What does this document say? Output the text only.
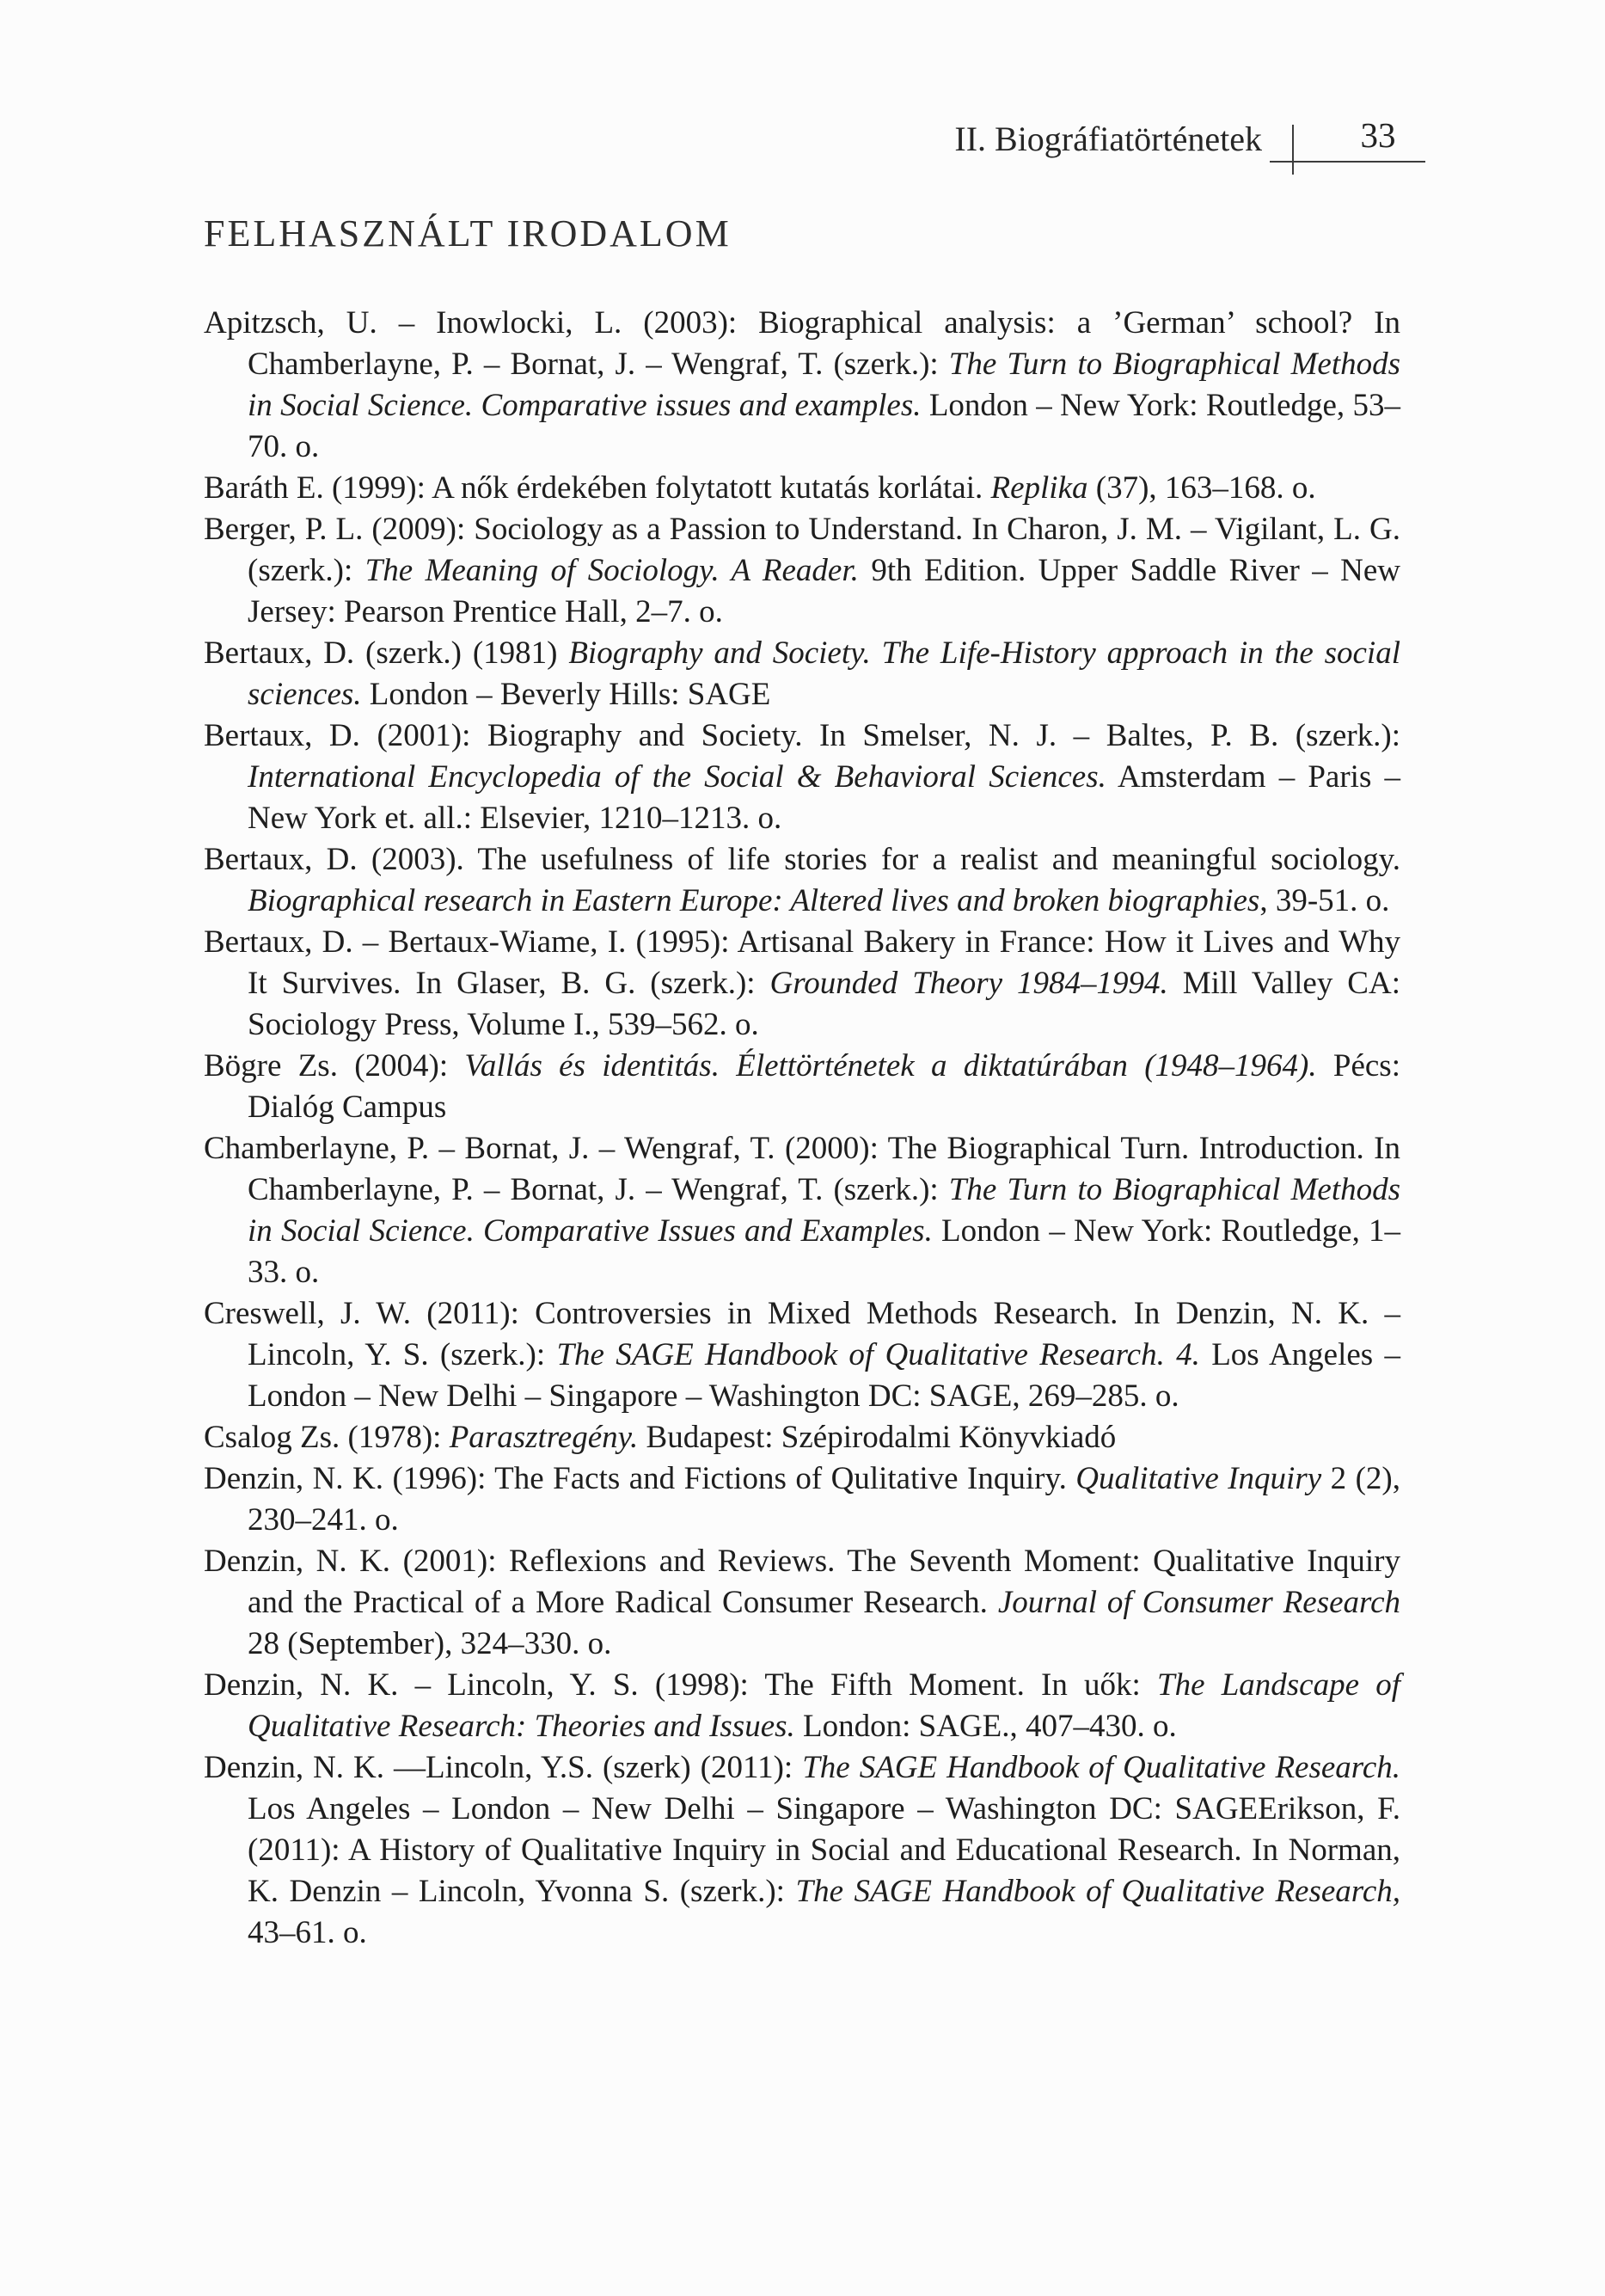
II. Biográfiatörténetek	33
FELHASZNÁLT IRODALOM

Apitzsch, U. – Inowlocki, L. (2003): Biographical analysis: a ’German’ school? In Chamberlayne, P. – Bornat, J. – Wengraf, T. (szerk.): The Turn to Biographical Methods in Social Science. Comparative issues and examples. London – New York: Routledge, 53–70. o.

Baráth E. (1999): A nők érdekében folytatott kutatás korlátai. Replika (37), 163–168. o.

Berger, P. L. (2009): Sociology as a Passion to Understand. In Charon, J. M. – Vigilant, L. G. (szerk.): The Meaning of Sociology. A Reader. 9th Edition. Upper Saddle River – New Jersey: Pearson Prentice Hall, 2–7. o.

Bertaux, D. (szerk.) (1981) Biography and Society. The Life-History approach in the social sciences. London – Beverly Hills: SAGE

Bertaux, D. (2001): Biography and Society. In Smelser, N. J. – Baltes, P. B. (szerk.): International Encyclopedia of the Social & Behavioral Sciences. Amsterdam – Paris – New York et. all.: Elsevier, 1210–1213. o.

Bertaux, D. (2003). The usefulness of life stories for a realist and meaningful sociology. Biographical research in Eastern Europe: Altered lives and broken biographies, 39-51. o.

Bertaux, D. – Bertaux-Wiame, I. (1995): Artisanal Bakery in France: How it Lives and Why It Survives. In Glaser, B. G. (szerk.): Grounded Theory 1984–1994. Mill Valley CA: Sociology Press, Volume I., 539–562. o.

Bögre Zs. (2004): Vallás és identitás. Élettörténetek a diktatúrában (1948–1964). Pécs: Dialóg Campus

Chamberlayne, P. – Bornat, J. – Wengraf, T. (2000): The Biographical Turn. Introduction. In Chamberlayne, P. – Bornat, J. – Wengraf, T. (szerk.): The Turn to Biographical Methods in Social Science. Comparative Issues and Examples. London – New York: Routledge, 1–33. o.

Creswell, J. W. (2011): Controversies in Mixed Methods Research. In Denzin, N. K. – Lincoln, Y. S. (szerk.): The SAGE Handbook of Qualitative Research. 4. Los Angeles – London – New Delhi – Singapore – Washington DC: SAGE, 269–285. o.

Csalog Zs. (1978): Parasztregény. Budapest: Szépirodalmi Könyvkiadó

Denzin, N. K. (1996): The Facts and Fictions of Qulitative Inquiry. Qualitative Inquiry 2 (2), 230–241. o.

Denzin, N. K. (2001): Reflexions and Reviews. The Seventh Moment: Qualitative Inquiry and the Practical of a More Radical Consumer Research. Journal of Consumer Research 28 (September), 324–330. o.

Denzin, N. K. – Lincoln, Y. S. (1998): The Fifth Moment. In uők: The Landscape of Qualitative Research: Theories and Issues. London: SAGE., 407–430. o.

Denzin, N. K. —Lincoln, Y.S. (szerk) (2011): The SAGE Handbook of Qualitative Research. Los Angeles – London – New Delhi – Singapore – Washington DC: SAGEErikson, F. (2011): A History of Qualitative Inquiry in Social and Educational Research. In Norman, K. Denzin – Lincoln, Yvonna S. (szerk.): The SAGE Handbook of Qualitative Research, 43–61. o.
